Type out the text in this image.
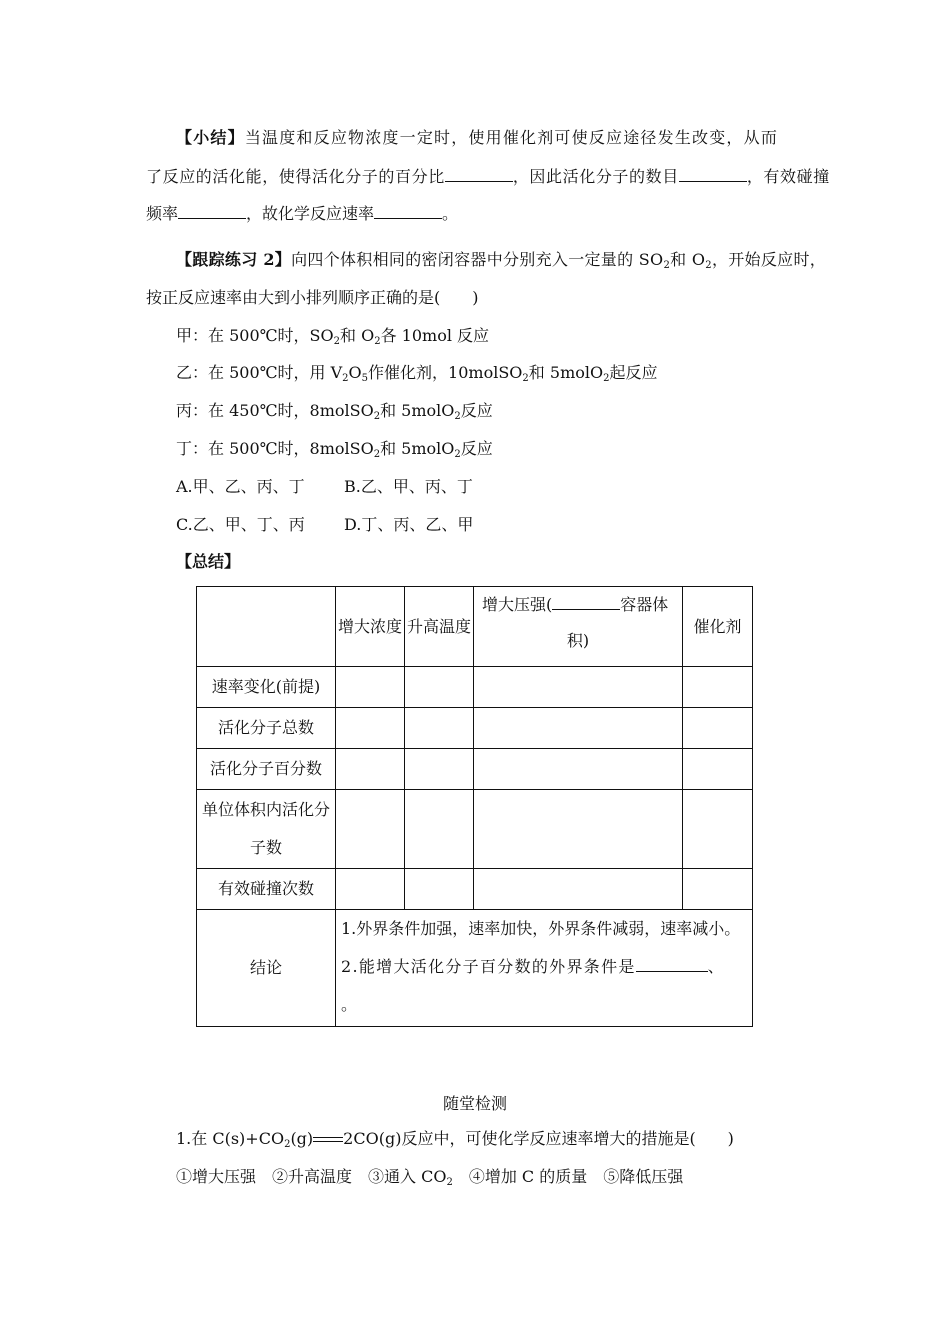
【小结】当温度和反应物浓度一定时，使用催化剂可使反应途径发生改变，从而
了反应的活化能，使得活化分子的百分比	，因此活化分子的数目	，有效碰撞
频率	，故化学反应速率	。
【跟踪练习 2】向四个体积相同的密闭容器中分别充入一定量的 $SO_2$和 $O_2$，开始反应时，
按正反应速率由大到小排列顺序正确的是(　　)
甲：在 500℃时，$SO_2$和 $O_2$各 10mol 反应
乙：在 500℃时，用 $V_2O_5$作催化剂，10molSO$_2$和 5molO$_2$起反应
丙：在 450℃时，8molSO$_2$和 5molO$_2$反应
丁：在 500℃时，8molSO$_2$和 5molO$_2$反应
A.甲、乙、丙、丁 B.乙、甲、丙、丁
C.乙、甲、丁、丙 D.丁、丙、乙、甲
【总结】
	增大浓度	升高温度	增大压强( 容器体
积)	催化剂
速率变化(前提)				
活化分子总数				
活化分子百分数				

单位体积内活化分
子数				

有效碰撞次数				
结论	1.外界条件加强，速率加快，外界条件减弱，速率减小。
2.能增大活化分子百分数的外界条件是 、
。			
随堂检测
1.在 $C(s)+CO_2(g)$ 2CO(g)反应中，可使化学反应速率增大的措施是(　　)
①增大压强　②升高温度　③通入 $CO_2$　④增加 C 的质量　⑤降低压强
